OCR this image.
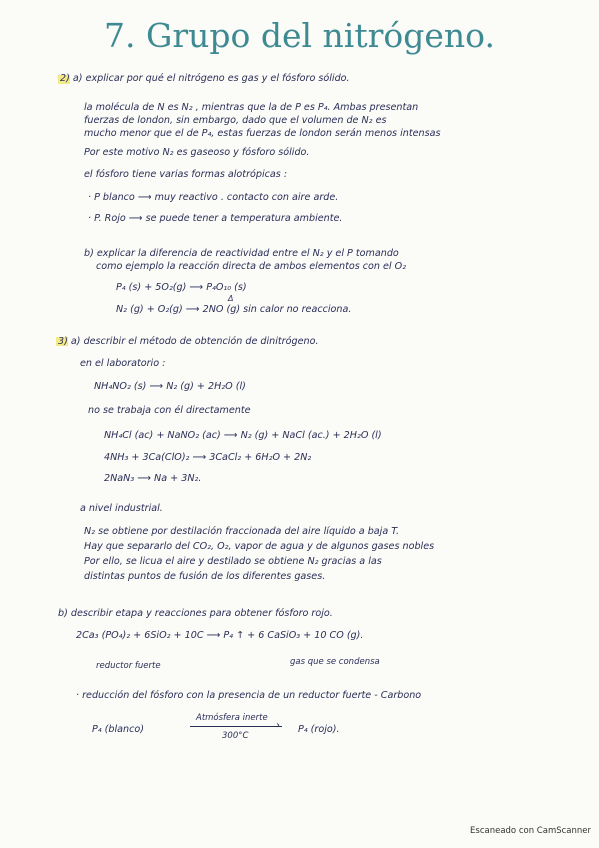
7. Grupo del nitrógeno.
2) a) explicar por qué el nitrógeno es gas y el fósforo sólido.
la molécula de N es N₂ , mientras que la de P es P₄. Ambas presentan
fuerzas de london, sin embargo, dado que el volumen de N₂ es
mucho menor que el de P₄, estas fuerzas de london serán menos intensas
Por este motivo N₂ es gaseoso y fósforo sólido.
el fósforo tiene varias formas alotrópicas :
· P blanco ⟶ muy reactivo . contacto con aire arde.
· P. Rojo ⟶ se puede tener a temperatura ambiente.
b) explicar la diferencia de reactividad entre el N₂ y el P tomando
como ejemplo la reacción directa de ambos elementos con el O₂
P₄ (s) + 5O₂(g) ⟶ P₄O₁₀ (s)
Δ
N₂ (g) + O₂(g) ⟶ 2NO (g) sin calor no reacciona.
3) a) describir el método de obtención de dinitrógeno.
en el laboratorio :
NH₄NO₂ (s) ⟶ N₂ (g) + 2H₂O (l)
no se trabaja con él directamente
NH₄Cl (ac) + NaNO₂ (ac) ⟶ N₂ (g) + NaCl (ac.) + 2H₂O (l)
4NH₃ + 3Ca(ClO)₂ ⟶ 3CaCl₂ + 6H₂O + 2N₂
2NaN₃ ⟶ Na + 3N₂.
a nivel industrial.
N₂ se obtiene por destilación fraccionada del aire líquido a baja T.
Hay que separarlo del CO₂, O₂, vapor de agua y de algunos gases nobles
Por ello, se licua el aire y destilado se obtiene N₂ gracias a las
distintas puntos de fusión de los diferentes gases.
b) describir etapa y reacciones para obtener fósforo rojo.
2Ca₃ (PO₄)₂ + 6SiO₂ + 10C ⟶ P₄ ↑ + 6 CaSiO₃ + 10 CO (g).
reductor fuerte	gas que se condensa
· reducción del fósforo con la presencia de un reductor fuerte - Carbono
P₄ (blanco)
Atmósfera inerte
›
300°C
P₄ (rojo).
Escaneado con CamScanner
